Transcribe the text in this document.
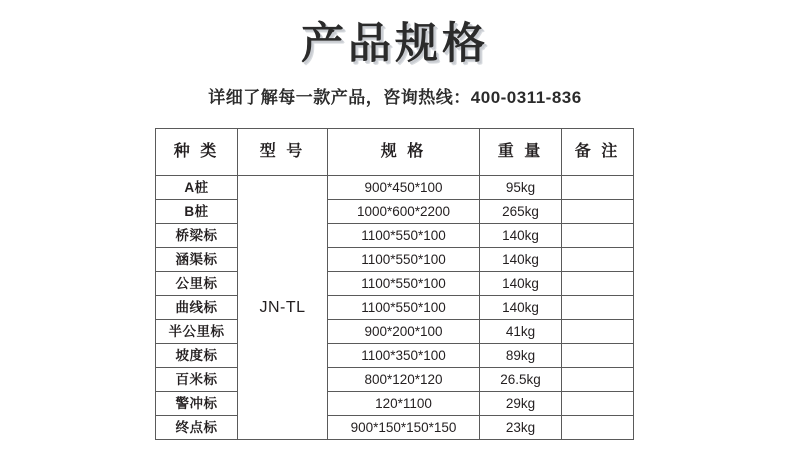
产品规格

详细了解每一款产品，咨询热线：400-0311-836

种 类	型 号	规 格	重 量	备 注
A桩	JN-TL	900*450*100	95kg	
B桩		1000*600*2200	265kg	
桥梁标		1100*550*100	140kg	
涵渠标		1100*550*100	140kg	
公里标		1100*550*100	140kg	
曲线标		1100*550*100	140kg	
半公里标		900*200*100	41kg	
坡度标		1100*350*100	89kg	
百米标		800*120*120	26.5kg	
警冲标		120*1100	29kg	
终点标		900*150*150*150	23kg	
